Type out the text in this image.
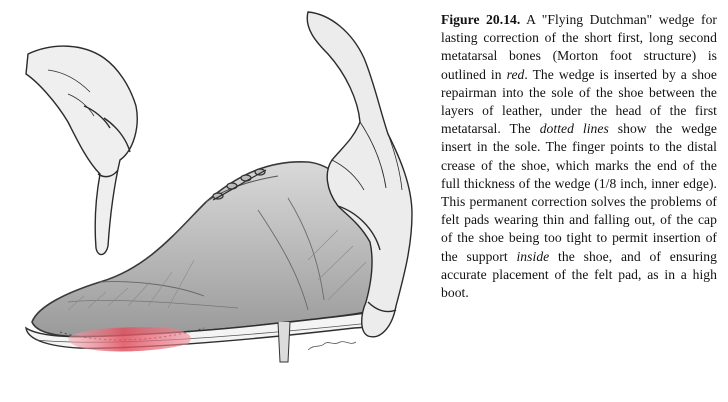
Figure 20.14. A "Flying Dutchman" wedge for lasting correction of the short first, long second metatarsal bones (Morton foot structure) is outlined in red. The wedge is inserted by a shoe repairman into the sole of the shoe between the layers of leather, under the head of the first metatarsal. The dotted lines show the wedge insert in the sole. The finger points to the distal crease of the shoe, which marks the end of the full thickness of the wedge (1/8 inch, inner edge). This permanent correction solves the problems of felt pads wearing thin and falling out, of the cap of the shoe being too tight to permit insertion of the support inside the shoe, and of ensuring accurate placement of the felt pad, as in a high boot.
